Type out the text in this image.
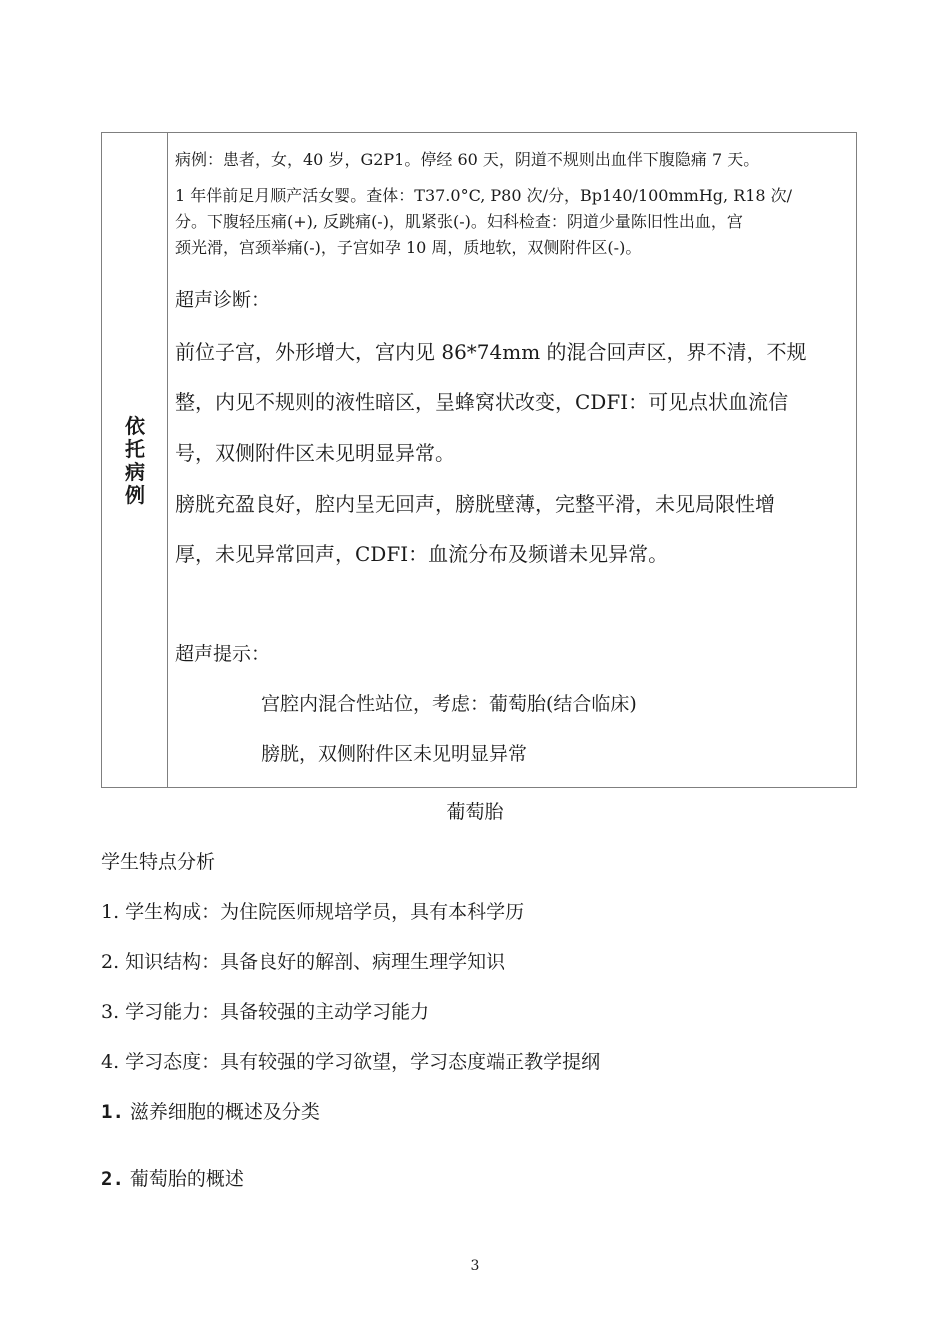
依
托
病
例

病例：患者，女，40 岁，G2P1。停经 60 天，阴道不规则出血伴下腹隐痛 7 天。

1 年伴前足月顺产活女婴。查体：T37.0°C, P80 次/分，Bp140/100mmHg, R18 次/

分。下腹轻压痛(+), 反跳痛(-)，肌紧张(-)。妇科检查：阴道少量陈旧性出血，宫

颈光滑，宫颈举痛(-)，子宫如孕 10 周，质地软，双侧附件区(-)。

超声诊断：

前位子宫，外形增大，宫内见 86*74mm 的混合回声区，界不清，不规

整，内见不规则的液性暗区，呈蜂窝状改变，CDFI：可见点状血流信

号，双侧附件区未见明显异常。

膀胱充盈良好，腔内呈无回声，膀胱壁薄，完整平滑，未见局限性增

厚，未见异常回声，CDFI：血流分布及频谱未见异常。

超声提示：

宫腔内混合性站位，考虑：葡萄胎(结合临床)

膀胱，双侧附件区未见明显异常

葡萄胎

学生特点分析

1. 学生构成：为住院医师规培学员，具有本科学历

2. 知识结构：具备良好的解剖、病理生理学知识

3. 学习能力：具备较强的主动学习能力

4. 学习态度：具有较强的学习欲望，学习态度端正教学提纲

1. 滋养细胞的概述及分类

2. 葡萄胎的概述

3
